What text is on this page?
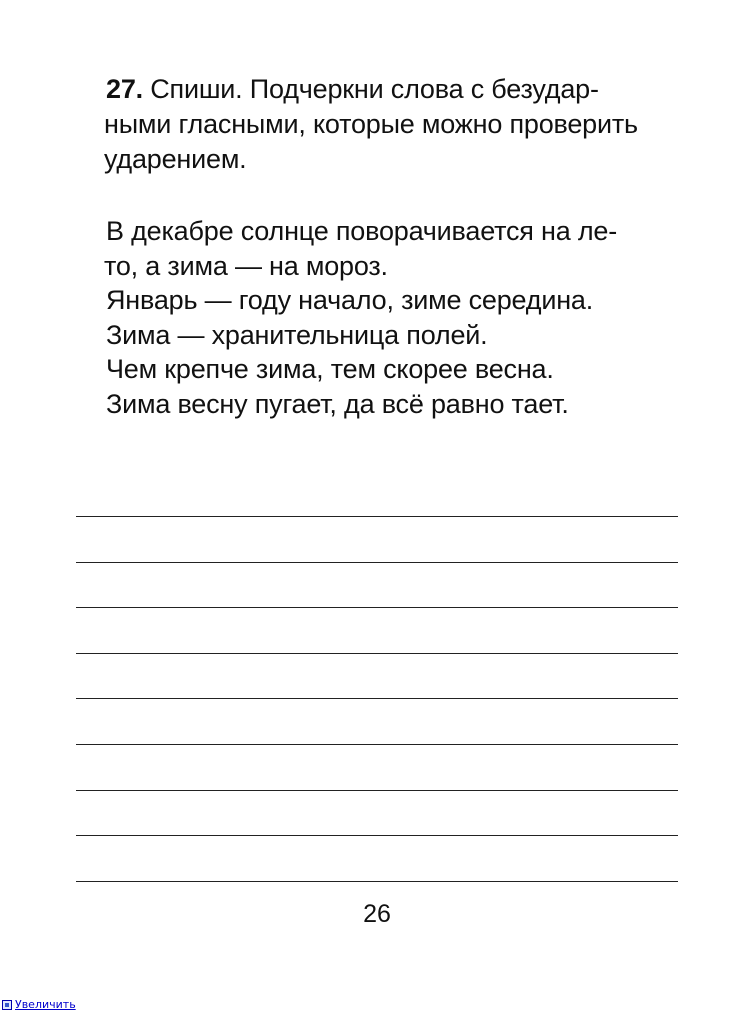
27. Спиши. Подчеркни слова с безудар-
ными гласными, которые можно проверить
ударением.
В декабре солнце поворачивается на ле-
то, а зима — на мороз.
Январь — году начало, зиме середина.
Зима — хранительница полей.
Чем крепче зима, тем скорее весна.
Зима весну пугает, да всё равно тает.
26
Увеличить
